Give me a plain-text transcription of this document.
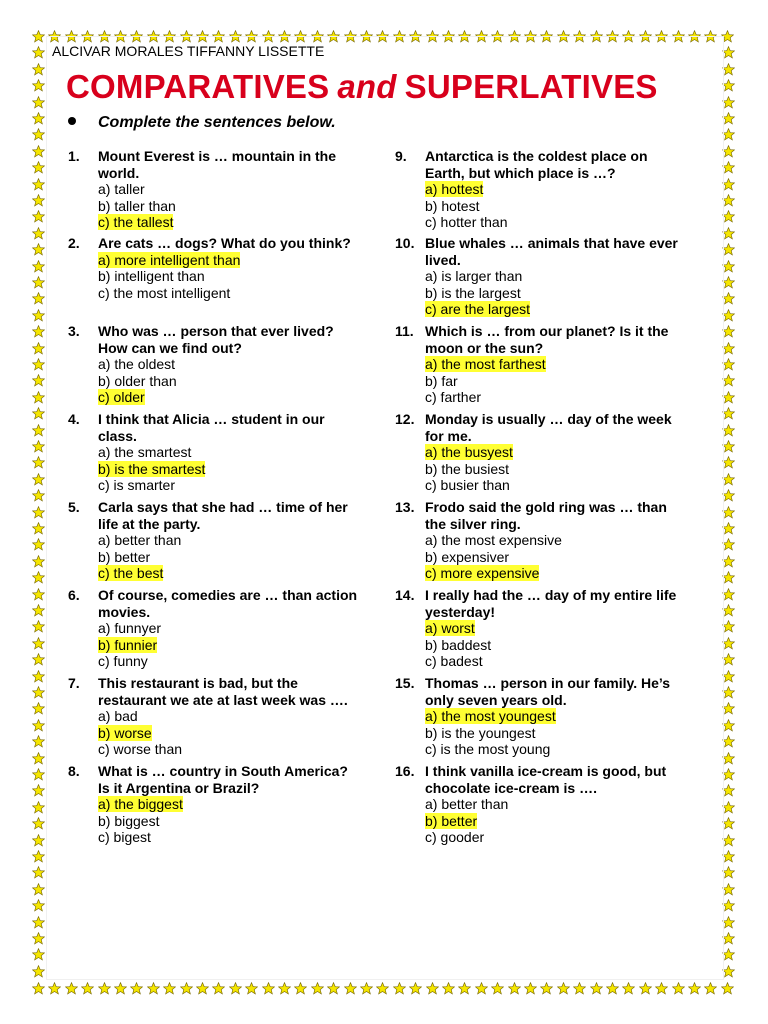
ALCIVAR MORALES TIFFANNY LISSETTE
COMPARATIVES and SUPERLATIVES
Complete the sentences below.
1. Mount Everest is … mountain in the world.
a) taller
b) taller than
c) the tallest
2. Are cats … dogs? What do you think?
a) more intelligent than
b) intelligent than
c) the most intelligent
3. Who was … person that ever lived? How can we find out?
a) the oldest
b) older than
c) older
4. I think that Alicia … student in our class.
a) the smartest
b) is the smartest
c) is smarter
5. Carla says that she had … time of her life at the party.
a) better than
b) better
c) the best
6. Of course, comedies are … than action movies.
a) funnyer
b) funnier
c) funny
7. This restaurant is bad, but the restaurant we ate at last week was ….
a) bad
b) worse
c) worse than
8. What is … country in South America? Is it Argentina or Brazil?
a) the biggest
b) biggest
c) bigest
9. Antarctica is the coldest place on Earth, but which place is …?
a) hottest
b) hotest
c) hotter than
10. Blue whales … animals that have ever lived.
a) is larger than
b) is the largest
c) are the largest
11. Which is … from our planet? Is it the moon or the sun?
a) the most farthest
b) far
c) farther
12. Monday is usually … day of the week for me.
a) the busyest
b) the busiest
c) busier than
13. Frodo said the gold ring was … than the silver ring.
a) the most expensive
b) expensiver
c) more expensive
14. I really had the … day of my entire life yesterday!
a) worst
b) baddest
c) badest
15. Thomas … person in our family. He’s only seven years old.
a) the most youngest
b) is the youngest
c) is the most young
16. I think vanilla ice-cream is good, but chocolate ice-cream is ….
a) better than
b) better
c) gooder
